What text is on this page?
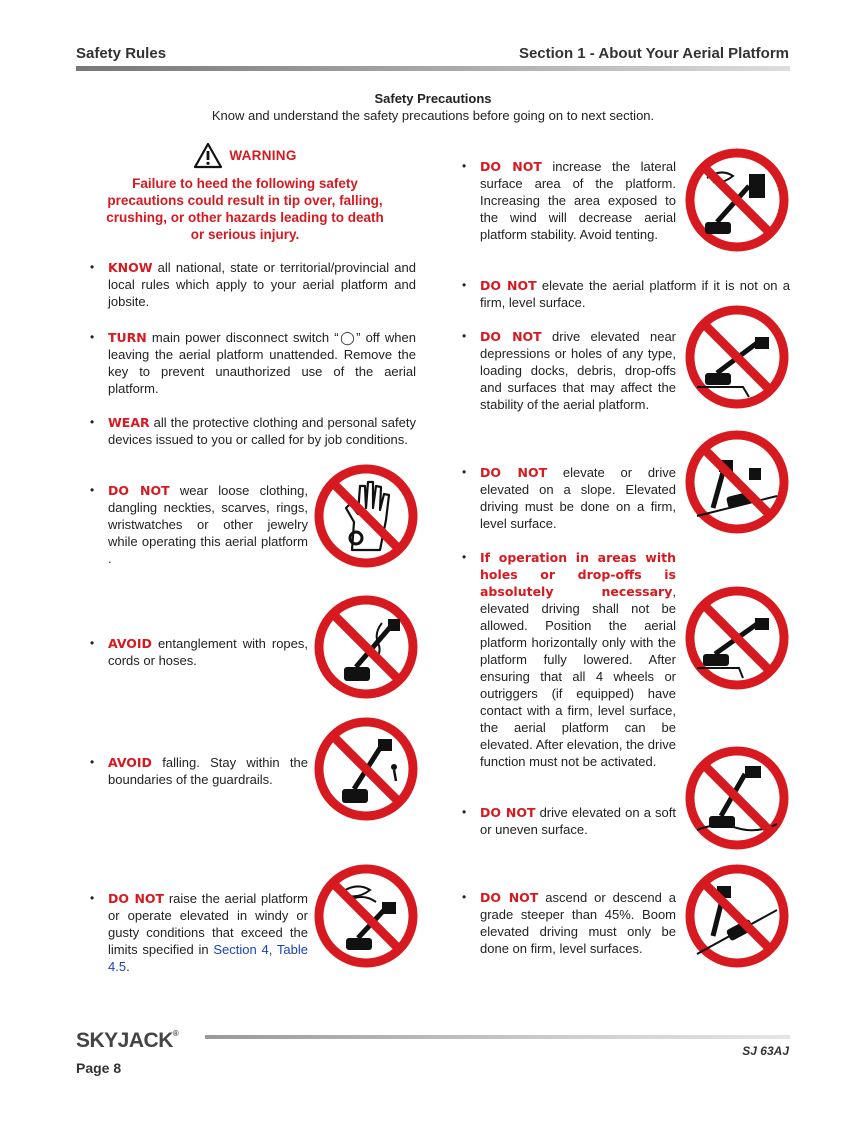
Safety Rules	Section 1 - About Your Aerial Platform
Safety Precautions
Know and understand the safety precautions before going on to next section.
WARNING
Failure to heed the following safety precautions could result in tip over, falling, crushing, or other hazards leading to death or serious injury.
• KNOW all national, state or territorial/provincial and local rules which apply to your aerial platform and jobsite.
• TURN main power disconnect switch “◯” off when leaving the aerial platform unattended. Remove the key to prevent unauthorized use of the aerial platform.
• WEAR all the protective clothing and personal safety devices issued to you or called for by job conditions.
• DO NOT wear loose clothing, dangling neckties, scarves, rings, wristwatches or other jewelry while operating this aerial platform .
• AVOID entanglement with ropes, cords or hoses.
• AVOID falling. Stay within the boundaries of the guardrails.
• DO NOT raise the aerial platform or operate elevated in windy or gusty conditions that exceed the limits specified in Section 4, Table 4.5.
• DO NOT increase the lateral surface area of the platform. Increasing the area exposed to the wind will decrease aerial platform stability. Avoid tenting.
• DO NOT elevate the aerial platform if it is not on a firm, level surface.
• DO NOT drive elevated near depressions or holes of any type, loading docks, debris, drop-offs and surfaces that may affect the stability of the aerial platform.
• DO NOT elevate or drive elevated on a slope. Elevated driving must be done on a firm, level surface.
• If operation in areas with holes or drop-offs is absolutely necessary, elevated driving shall not be allowed. Position the aerial platform horizontally only with the platform fully lowered. After ensuring that all 4 wheels or outriggers (if equipped) have contact with a firm, level surface, the aerial platform can be elevated. After elevation, the drive function must not be activated.
• DO NOT drive elevated on a soft or uneven surface.
• DO NOT ascend or descend a grade steeper than 45%. Boom elevated driving must only be done on firm, level surfaces.
SKYJACK®
SJ 63AJ
Page 8
